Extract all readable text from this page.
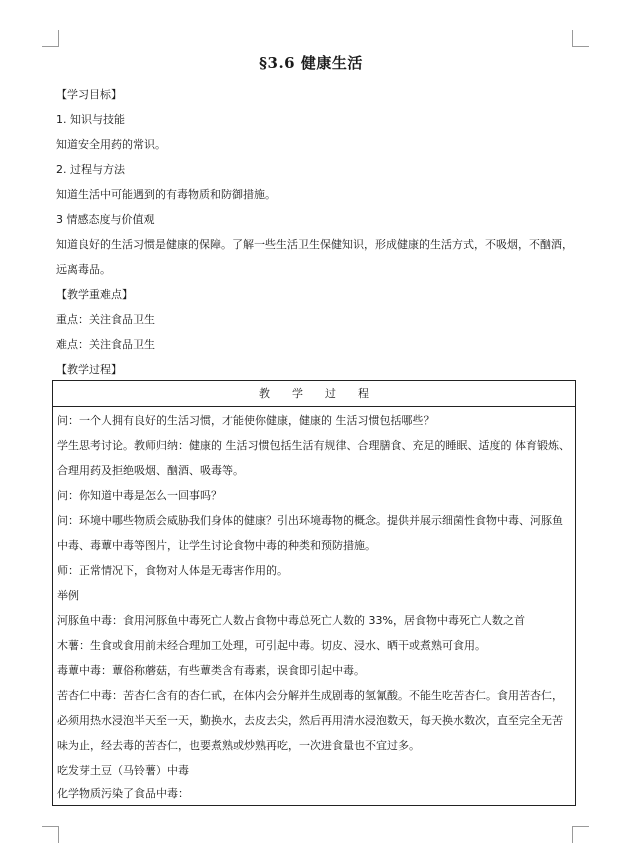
§3.6 健康生活
【学习目标】
1. 知识与技能
知道安全用药的常识。
2. 过程与方法
知道生活中可能遇到的有毒物质和防御措施。
3 情感态度与价值观
知道良好的生活习惯是健康的保障。了解一些生活卫生保健知识，形成健康的生活方式，不吸烟，不酗酒，
远离毒品。
【教学重难点】
重点：关注食品卫生
难点：关注食品卫生
【教学过程】
教学过程
问：一个人拥有良好的生活习惯，才能使你健康，健康的 生活习惯包括哪些？
学生思考讨论。教师归纳：健康的 生活习惯包括生活有规律、合理膳食、充足的睡眠、适度的 体育锻炼、
合理用药及拒绝吸烟、酗酒、吸毒等。
问：你知道中毒是怎么一回事吗？
问：环境中哪些物质会威胁我们身体的健康？引出环境毒物的概念。提供并展示细菌性食物中毒、河豚鱼
中毒、毒蕈中毒等图片，让学生讨论食物中毒的种类和预防措施。
师：正常情况下，食物对人体是无毒害作用的。
举例
河豚鱼中毒：食用河豚鱼中毒死亡人数占食物中毒总死亡人数的 33%，居食物中毒死亡人数之首
木薯：生食或食用前未经合理加工处理，可引起中毒。切皮、浸水、晒干或煮熟可食用。
毒蕈中毒：蕈俗称蘑菇，有些蕈类含有毒素，误食即引起中毒。
苦杏仁中毒：苦杏仁含有的杏仁甙，在体内会分解并生成剧毒的氢氰酸。不能生吃苦杏仁。食用苦杏仁，
必须用热水浸泡半天至一天，勤换水，去皮去尖，然后再用清水浸泡数天，每天换水数次，直至完全无苦
味为止，经去毒的苦杏仁，也要煮熟或炒熟再吃，一次进食量也不宜过多。
吃发芽土豆（马铃薯）中毒
化学物质污染了食品中毒：
